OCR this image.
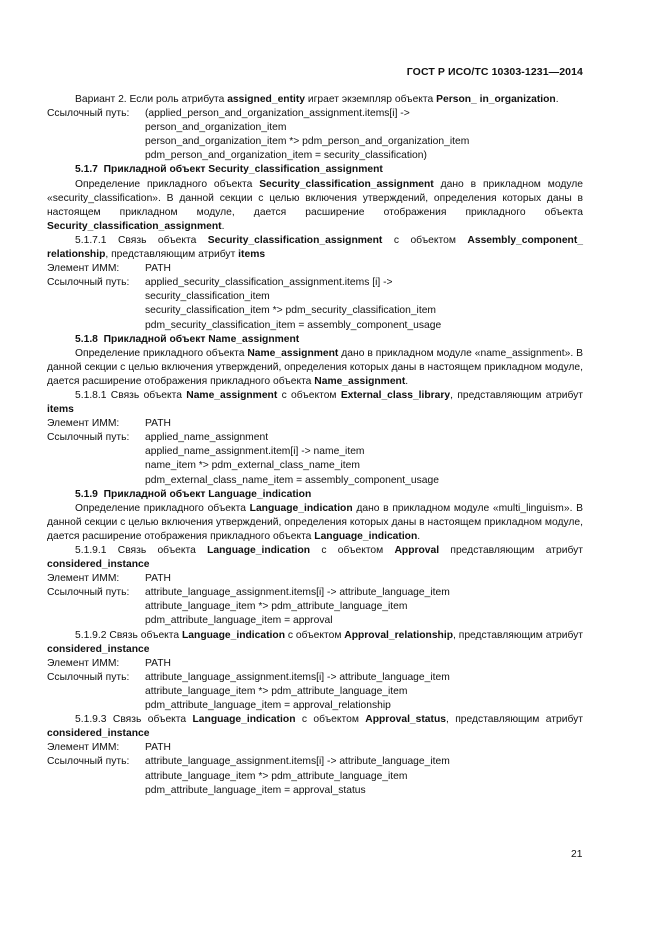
ГОСТ Р ИСО/ТС 10303-1231—2014

Вариант 2. Если роль атрибута assigned_entity играет экземпляр объекта Person_ in_organization.

Ссылочный путь:	(applied_person_and_organization_assignment.items[i] ->

person_and_organization_item

person_and_organization_item *> pdm_person_and_organization_item

pdm_person_and_organization_item = security_classification)

5.1.7 Прикладной объект Security_classification_assignment

Определение прикладного объекта Security_classification_assignment дано в прикладном модуле «security_classification». В данной секции с целью включения утверждений, определения которых даны в настоящем прикладном модуле, дается расширение отображения прикладного объекта Security_classification_assignment.

5.1.7.1 Связь объекта Security_classification_assignment с объектом Assembly_component_ relationship, представляющим атрибут items

Элемент ИММ:	PATH
Ссылочный путь:	applied_security_classification_assignment.items [i] ->

security_classification_item

security_classification_item *> pdm_security_classification_item

pdm_security_classification_item = assembly_component_usage

5.1.8 Прикладной объект Name_assignment

Определение прикладного объекта Name_assignment дано в прикладном модуле «name_assignment». В данной секции с целью включения утверждений, определения которых даны в настоящем прикладном модуле, дается расширение отображения прикладного объекта Name_assignment.

5.1.8.1 Связь объекта Name_assignment с объектом External_class_library, представляющим атрибут items

Элемент ИММ:	PATH
Ссылочный путь:	applied_name_assignment

applied_name_assignment.item[i] -> name_item

name_item *> pdm_external_class_name_item

pdm_external_class_name_item = assembly_component_usage

5.1.9 Прикладной объект Language_indication

Определение прикладного объекта Language_indication дано в прикладном модуле «multi_linguism». В данной секции с целью включения утверждений, определения которых даны в настоящем прикладном модуле, дается расширение отображения прикладного объекта Language_indication.

5.1.9.1 Связь объекта Language_indication с объектом Approval представляющим атрибут considered_instance

Элемент ИММ:	PATH
Ссылочный путь:	attribute_language_assignment.items[i] -> attribute_language_item

attribute_language_item *> pdm_attribute_language_item

pdm_attribute_language_item = approval

5.1.9.2 Связь объекта Language_indication с объектом Approval_relationship, представляющим атрибут considered_instance

Элемент ИММ:	PATH
Ссылочный путь:	attribute_language_assignment.items[i] -> attribute_language_item

attribute_language_item *> pdm_attribute_language_item

pdm_attribute_language_item = approval_relationship

5.1.9.3 Связь объекта Language_indication с объектом Approval_status, представляющим атрибут considered_instance

Элемент ИММ:	PATH
Ссылочный путь:	attribute_language_assignment.items[i] -> attribute_language_item

attribute_language_item *> pdm_attribute_language_item

pdm_attribute_language_item = approval_status

21
